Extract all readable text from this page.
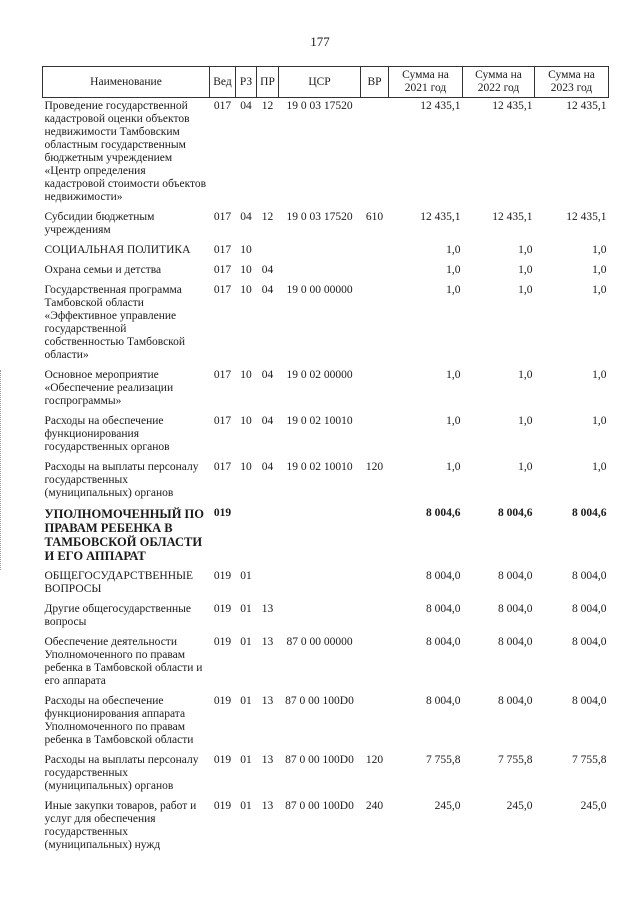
177
Наименование	Вед	РЗ	ПР	ЦСР	ВР	Сумма на 2021 год	Сумма на 2022 год	Сумма на 2023 год
Проведение государственной кадастровой оценки объектов недвижимости Тамбовским областным государственным бюджетным учреждением «Центр определения кадастровой стоимости объектов недвижимости»	017	04	12	19 0 03 17520		12 435,1	12 435,1	12 435,1
Субсидии бюджетным учреждениям	017	04	12	19 0 03 17520	610	12 435,1	12 435,1	12 435,1
СОЦИАЛЬНАЯ ПОЛИТИКА	017	10				1,0	1,0	1,0
Охрана семьи и детства	017	10	04			1,0	1,0	1,0
Государственная программа Тамбовской области «Эффективное управление государственной собственностью Тамбовской области»	017	10	04	19 0 00 00000		1,0	1,0	1,0
Основное мероприятие «Обеспечение реализации госпрограммы»	017	10	04	19 0 02 00000		1,0	1,0	1,0
Расходы на обеспечение функционирования государственных органов	017	10	04	19 0 02 10010		1,0	1,0	1,0
Расходы на выплаты персоналу государственных (муниципальных) органов	017	10	04	19 0 02 10010	120	1,0	1,0	1,0
УПОЛНОМОЧЕННЫЙ ПО ПРАВАМ РЕБЕНКА В ТАМБОВСКОЙ ОБЛАСТИ И ЕГО АППАРАТ	019					8 004,6	8 004,6	8 004,6
ОБЩЕГОСУДАРСТВЕННЫЕ ВОПРОСЫ	019	01				8 004,0	8 004,0	8 004,0
Другие общегосударственные вопросы	019	01	13			8 004,0	8 004,0	8 004,0
Обеспечение деятельности Уполномоченного по правам ребенка в Тамбовской области и его аппарата	019	01	13	87 0 00 00000		8 004,0	8 004,0	8 004,0
Расходы на обеспечение функционирования аппарата Уполномоченного по правам ребенка в Тамбовской области	019	01	13	87 0 00 100D0		8 004,0	8 004,0	8 004,0
Расходы на выплаты персоналу государственных (муниципальных) органов	019	01	13	87 0 00 100D0	120	7 755,8	7 755,8	7 755,8
Иные закупки товаров, работ и услуг для обеспечения государственных (муниципальных) нужд	019	01	13	87 0 00 100D0	240	245,0	245,0	245,0
